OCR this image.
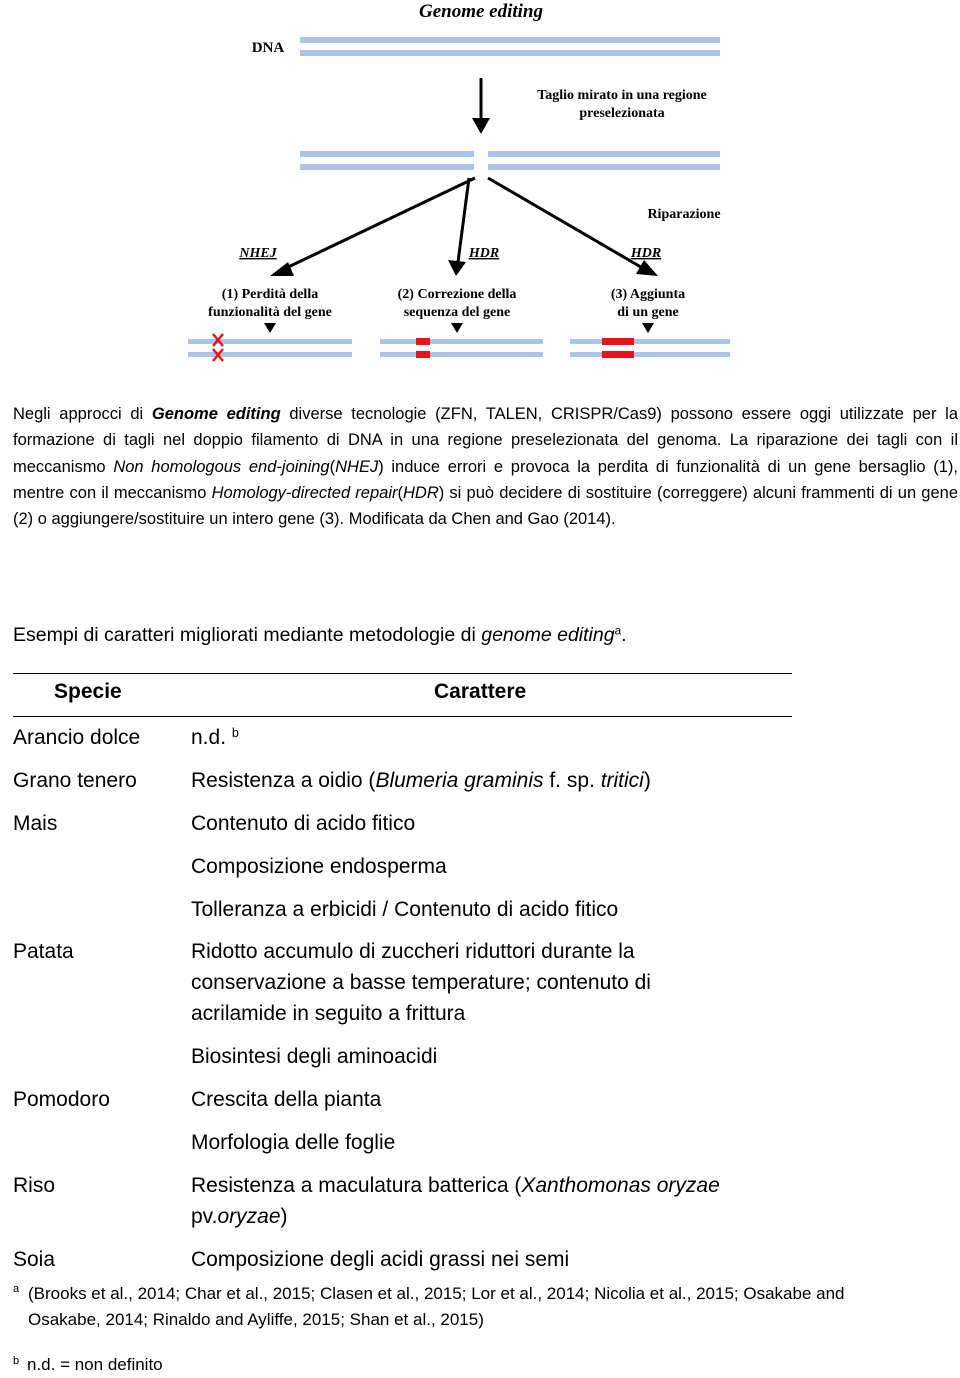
Genome editing
DNA
Taglio mirato in una regione
preselezionata
Riparazione
NHEJ
(1) Perdità della
funzionalità del gene
HDR
(2) Correzione della
sequenza del gene
HDR
(3) Aggiunta
di un gene

Negli approcci di Genome editing diverse tecnologie (ZFN, TALEN, CRISPR/Cas9) possono essere oggi utilizzate per la formazione di tagli nel doppio filamento di DNA in una regione preselezionata del genoma. La riparazione dei tagli con il meccanismo Non homologous end-joining(NHEJ) induce errori e provoca la perdita di funzionalità di un gene bersaglio (1), mentre con il meccanismo Homology-directed repair(HDR) si può decidere di sostituire (correggere) alcuni frammenti di un gene (2) o aggiungere/sostituire un intero gene (3). Modificata da Chen and Gao (2014).

Esempi di caratteri migliorati mediante metodologie di genome editing$^a$.
Specie	Carattere
Arancio dolce
Grano tenero
Mais
Patata
Pomodoro
Riso
Soia
n.d. $^b$
Resistenza a oidio (Blumeria graminis f. sp. tritici)
Contenuto di acido fitico
Composizione endosperma
Tolleranza a erbicidi / Contenuto di acido fitico
Ridotto accumulo di zuccheri riduttori durante la conservazione a basse temperature; contenuto di acrilamide in seguito a frittura
Biosintesi degli aminoacidi
Crescita della pianta
Morfologia delle foglie
Resistenza a maculatura batterica (Xanthomonas oryzae pv.oryzae)
Composizione degli acidi grassi nei semi
$^a$ (Brooks et al., 2014; Char et al., 2015; Clasen et al., 2015; Lor et al., 2014; Nicolia et al., 2015; Osakabe and Osakabe, 2014; Rinaldo and Ayliffe, 2015; Shan et al., 2015)
$^b$ n.d. = non definito
